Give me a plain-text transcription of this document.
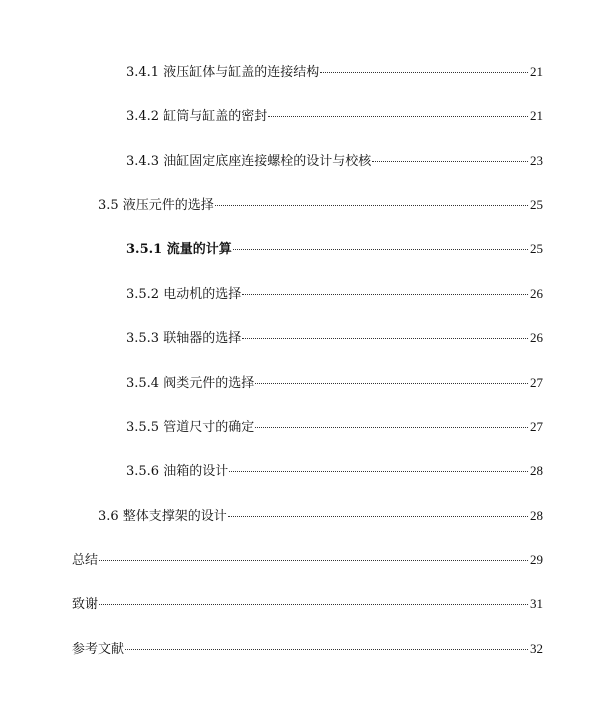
3.4.1 液压缸体与缸盖的连接结构	21
3.4.2 缸筒与缸盖的密封	21
3.4.3 油缸固定底座连接螺栓的设计与校核	23
3.5 液压元件的选择	25
3.5.1 流量的计算	25
3.5.2 电动机的选择	26
3.5.3 联轴器的选择	26
3.5.4 阀类元件的选择	27
3.5.5 管道尺寸的确定	27
3.5.6 油箱的设计	28
3.6 整体支撑架的设计	28
总结	29
致谢	31
参考文献	32
